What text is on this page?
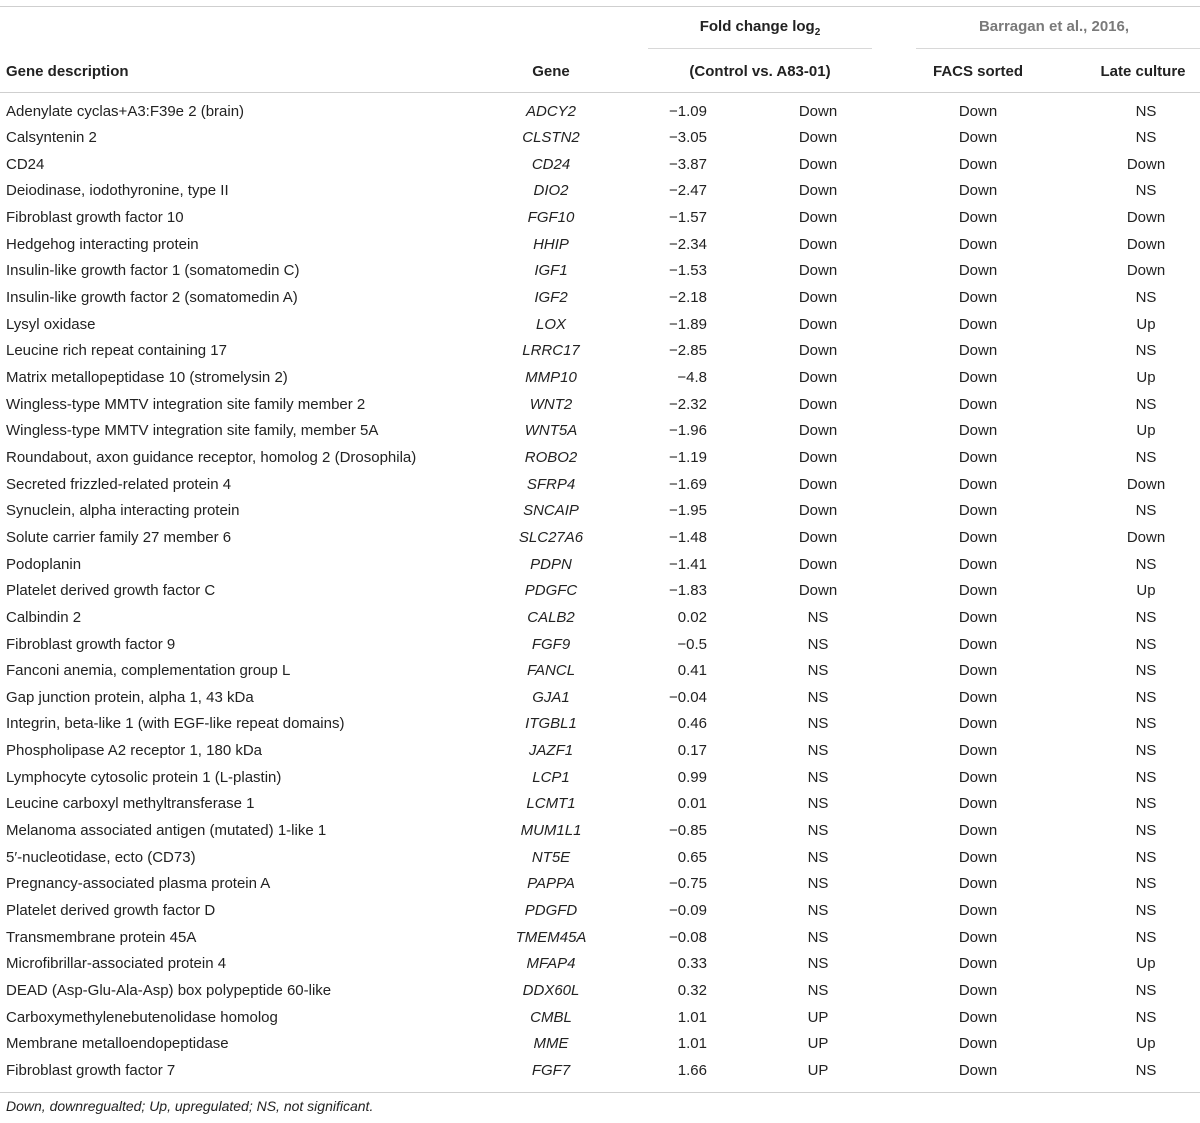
Fold change $\log_2$	Barragan et al., 2016,
Gene description	Gene	(Control vs. A83-01)	FACS sorted	Late culture
Adenylate cyclas+A3:F39e 2 (brain)	ADCY2	−1.09	Down	Down	NS
Calsyntenin 2	CLSTN2	−3.05	Down	Down	NS
CD24	CD24	−3.87	Down	Down	Down
Deiodinase, iodothyronine, type II	DIO2	−2.47	Down	Down	NS
Fibroblast growth factor 10	FGF10	−1.57	Down	Down	Down
Hedgehog interacting protein	HHIP	−2.34	Down	Down	Down
Insulin-like growth factor 1 (somatomedin C)	IGF1	−1.53	Down	Down	Down
Insulin-like growth factor 2 (somatomedin A)	IGF2	−2.18	Down	Down	NS
Lysyl oxidase	LOX	−1.89	Down	Down	Up
Leucine rich repeat containing 17	LRRC17	−2.85	Down	Down	NS
Matrix metallopeptidase 10 (stromelysin 2)	MMP10	−4.8	Down	Down	Up
Wingless-type MMTV integration site family member 2	WNT2	−2.32	Down	Down	NS
Wingless-type MMTV integration site family, member 5A	WNT5A	−1.96	Down	Down	Up
Roundabout, axon guidance receptor, homolog 2 (Drosophila)	ROBO2	−1.19	Down	Down	NS
Secreted frizzled-related protein 4	SFRP4	−1.69	Down	Down	Down
Synuclein, alpha interacting protein	SNCAIP	−1.95	Down	Down	NS
Solute carrier family 27 member 6	SLC27A6	−1.48	Down	Down	Down
Podoplanin	PDPN	−1.41	Down	Down	NS
Platelet derived growth factor C	PDGFC	−1.83	Down	Down	Up
Calbindin 2	CALB2	0.02	NS	Down	NS
Fibroblast growth factor 9	FGF9	−0.5	NS	Down	NS
Fanconi anemia, complementation group L	FANCL	0.41	NS	Down	NS
Gap junction protein, alpha 1, 43 kDa	GJA1	−0.04	NS	Down	NS
Integrin, beta-like 1 (with EGF-like repeat domains)	ITGBL1	0.46	NS	Down	NS
Phospholipase A2 receptor 1, 180 kDa	JAZF1	0.17	NS	Down	NS
Lymphocyte cytosolic protein 1 (L-plastin)	LCP1	0.99	NS	Down	NS
Leucine carboxyl methyltransferase 1	LCMT1	0.01	NS	Down	NS
Melanoma associated antigen (mutated) 1-like 1	MUM1L1	−0.85	NS	Down	NS
5′-nucleotidase, ecto (CD73)	NT5E	0.65	NS	Down	NS
Pregnancy-associated plasma protein A	PAPPA	−0.75	NS	Down	NS
Platelet derived growth factor D	PDGFD	−0.09	NS	Down	NS
Transmembrane protein 45A	TMEM45A	−0.08	NS	Down	NS
Microfibrillar-associated protein 4	MFAP4	0.33	NS	Down	Up
DEAD (Asp-Glu-Ala-Asp) box polypeptide 60-like	DDX60L	0.32	NS	Down	NS
Carboxymethylenebutenolidase homolog	CMBL	1.01	UP	Down	NS
Membrane metalloendopeptidase	MME	1.01	UP	Down	Up
Fibroblast growth factor 7	FGF7	1.66	UP	Down	NS
Down, downregualted; Up, upregulated; NS, not significant.
